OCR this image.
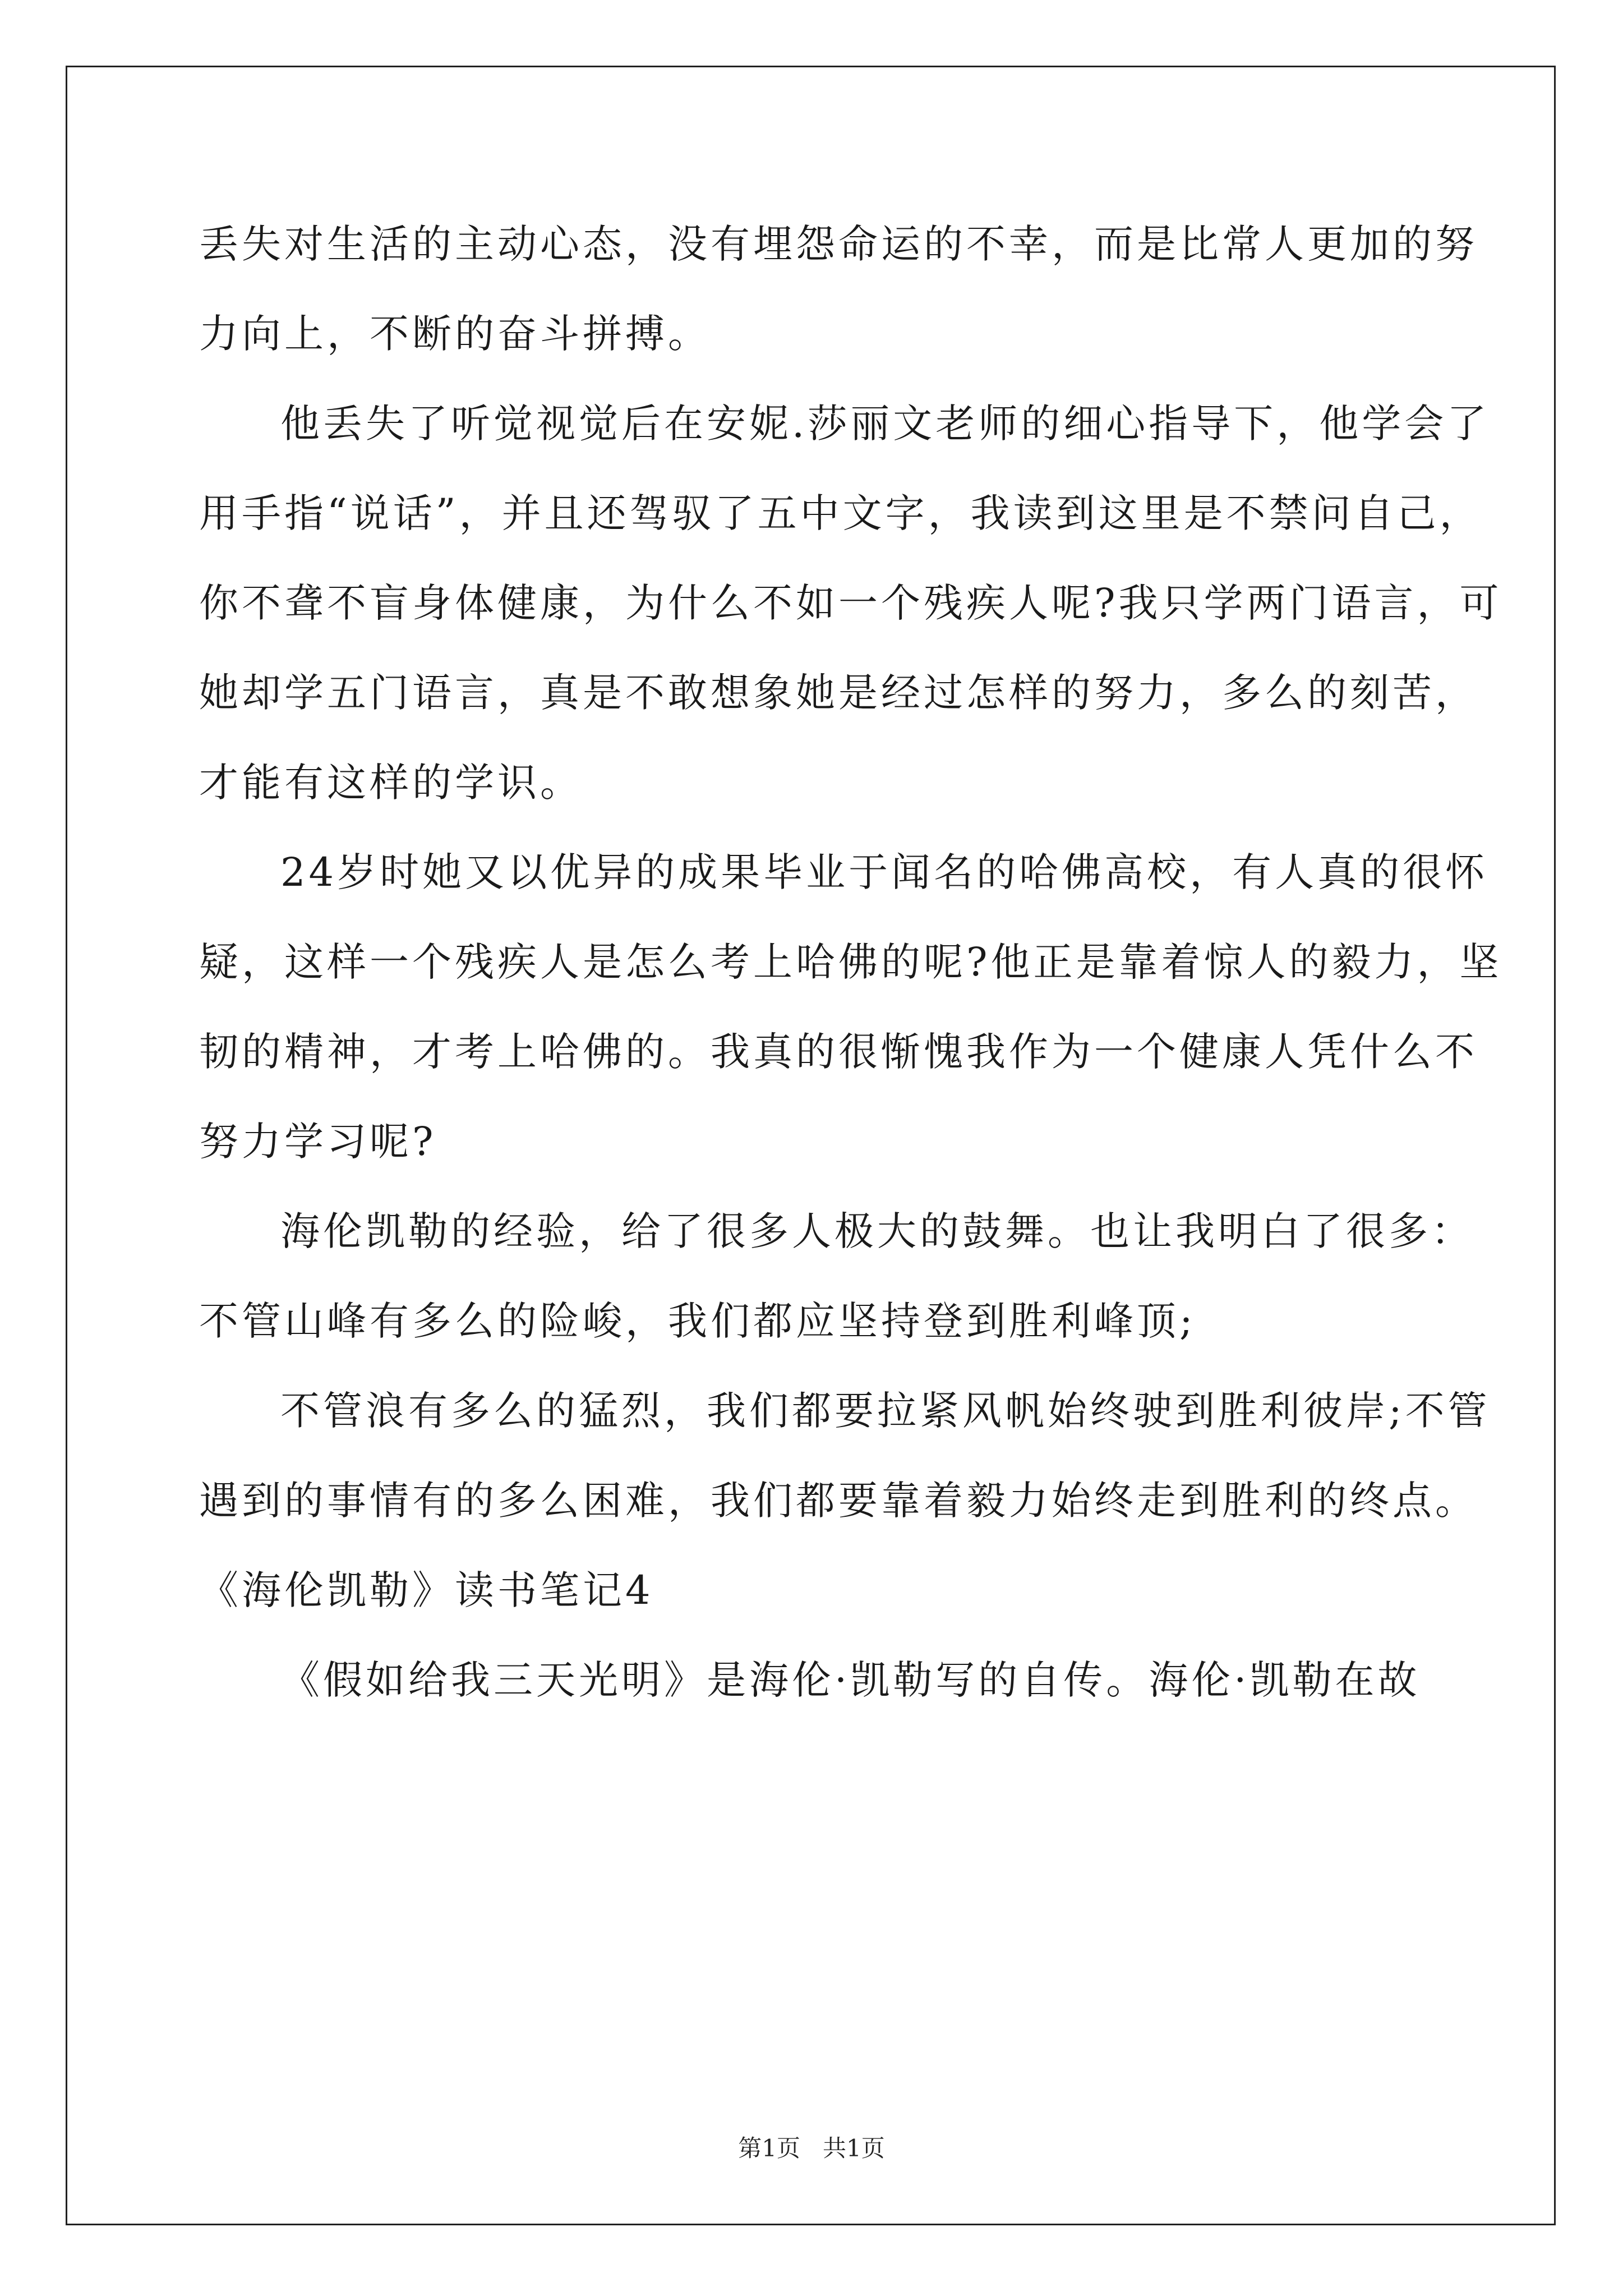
丢失对生活的主动心态，没有埋怨命运的不幸，而是比常人更加的努
力向上，不断的奋斗拼搏。
他丢失了听觉视觉后在安妮.莎丽文老师的细心指导下，他学会了
用手指“说话”，并且还驾驭了五中文字，我读到这里是不禁问自己，
你不聋不盲身体健康，为什么不如一个残疾人呢?我只学两门语言，可
她却学五门语言，真是不敢想象她是经过怎样的努力，多么的刻苦，
才能有这样的学识。
24岁时她又以优异的成果毕业于闻名的哈佛高校，有人真的很怀
疑，这样一个残疾人是怎么考上哈佛的呢?他正是靠着惊人的毅力，坚
韧的精神，才考上哈佛的。我真的很惭愧我作为一个健康人凭什么不
努力学习呢?
海伦凯勒的经验，给了很多人极大的鼓舞。也让我明白了很多：
不管山峰有多么的险峻，我们都应坚持登到胜利峰顶;
不管浪有多么的猛烈，我们都要拉紧风帆始终驶到胜利彼岸;不管
遇到的事情有的多么困难，我们都要靠着毅力始终走到胜利的终点。
《海伦凯勒》读书笔记4
《假如给我三天光明》是海伦·凯勒写的自传。海伦·凯勒在故
第1页 共1页
